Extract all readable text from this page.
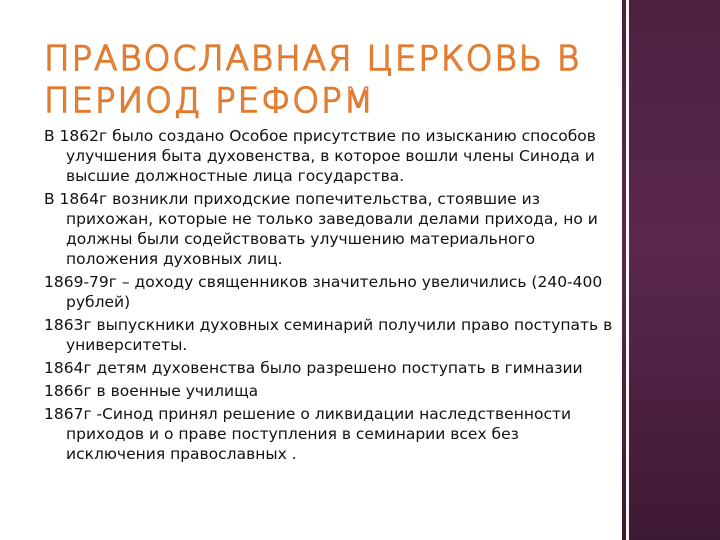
ПРАВОСЛАВНАЯ ЦЕРКОВЬ В
ПЕРИОД РЕФОРМ
В 1862г было создано Особое присутствие по изысканию способов улучшения быта духовенства, в которое вошли члены Синода и высшие должностные лица государства.
В 1864г возникли приходские попечительства, стоявшие из прихожан, которые не только заведовали делами прихода, но и должны были содействовать улучшению материального положения духовных лиц.
1869-79г – доходу священников значительно увеличились (240-400 рублей)
1863г выпускники духовных семинарий получили право поступать в университеты.
1864г детям духовенства было разрешено поступать в гимназии
1866г в военные училища
1867г -Синод принял решение о ликвидации наследственности приходов и о праве поступления в семинарии всех без исключения православных .
